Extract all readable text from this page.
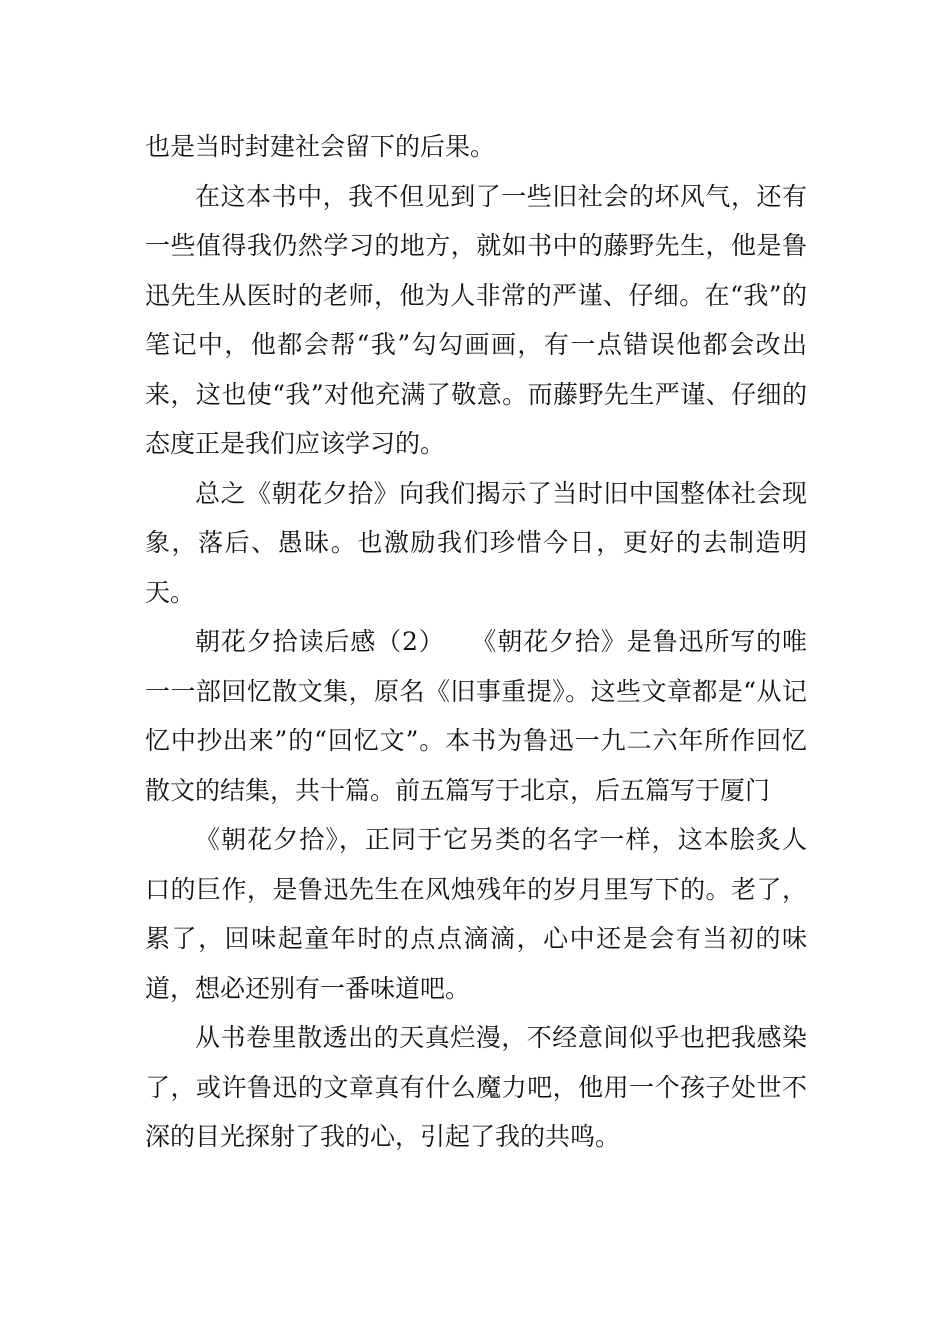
也是当时封建社会留下的后果。

在这本书中，我不但见到了一些旧社会的坏风气，还有一些值得我仍然学习的地方，就如书中的藤野先生，他是鲁迅先生从医时的老师，他为人非常的严谨、仔细。在“我”的笔记中，他都会帮“我”勾勾画画，有一点错误他都会改出来，这也使“我”对他充满了敬意。而藤野先生严谨、仔细的态度正是我们应该学习的。

总之《朝花夕拾》向我们揭示了当时旧中国整体社会现象，落后、愚昧。也激励我们珍惜今日，更好的去制造明天。

朝花夕拾读后感（2）　　《朝花夕拾》是鲁迅所写的唯一一部回忆散文集，原名《旧事重提》。这些文章都是“从记忆中抄出来”的“回忆文”。本书为鲁迅一九二六年所作回忆散文的结集，共十篇。前五篇写于北京，后五篇写于厦门

《朝花夕拾》，正同于它另类的名字一样，这本脍炙人口的巨作，是鲁迅先生在风烛残年的岁月里写下的。老了，累了，回味起童年时的点点滴滴，心中还是会有当初的味道，想必还别有一番味道吧。

从书卷里散透出的天真烂漫，不经意间似乎也把我感染了，或许鲁迅的文章真有什么魔力吧，他用一个孩子处世不深的目光探射了我的心，引起了我的共鸣。
